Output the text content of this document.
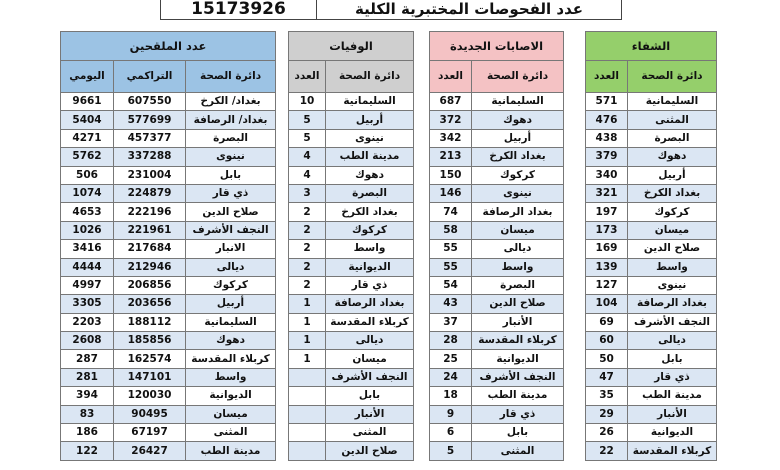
15173926	عدد الفحوصات المختبرية الكلية
عدد الملقحين		
دائرة الصحة	التراكمي	اليومي
بغداد/ الكرخ	607550	9661
بغداد/ الرصافة	577699	5404
البصرة	457377	4271
نينوى	337288	5762
بابل	231004	506
ذي قار	224879	1074
صلاح الدين	222196	4653
النجف الأشرف	221961	1026
الانبار	217684	3416
ديالى	212946	4444
كركوك	206856	4997
أربيل	203656	3305
السليمانية	188112	2203
دهوك	185856	2608
كربلاء المقدسة	162574	287
واسط	147101	281
الديوانية	120030	394
ميسان	90495	83
المثنى	67197	186
مدينة الطب	26427	122
الوفيات	
دائرة الصحة	العدد
السليمانية	10
أربيل	5
نينوى	5
مدينة الطب	4
دهوك	4
البصرة	3
بغداد الكرخ	2
كركوك	2
واسط	2
الديوانية	2
ذي قار	2
بغداد الرصافة	1
كربلاء المقدسة	1
ديالى	1
ميسان	1
النجف الأشرف	
بابل	
الأنبار	
المثنى	
صلاح الدين	
الاصابات الجديدة	
دائرة الصحة	العدد
السليمانية	687
دهوك	372
أربيل	342
بغداد الكرخ	213
كركوك	150
نينوى	146
بغداد الرصافة	74
ميسان	58
ديالى	55
واسط	55
البصرة	54
صلاح الدين	43
الأنبار	37
كربلاء المقدسة	28
الديوانية	25
النجف الأشرف	24
مدينة الطب	18
ذي قار	9
بابل	6
المثنى	5
الشفاء	
دائرة الصحة	العدد
السليمانية	571
المثنى	476
البصرة	438
دهوك	379
أربيل	340
بغداد الكرخ	321
كركوك	197
ميسان	173
صلاح الدين	169
واسط	139
نينوى	127
بغداد الرصافة	104
النجف الأشرف	69
ديالى	60
بابل	50
ذي قار	47
مدينة الطب	35
الأنبار	29
الديوانية	26
كربلاء المقدسة	22
